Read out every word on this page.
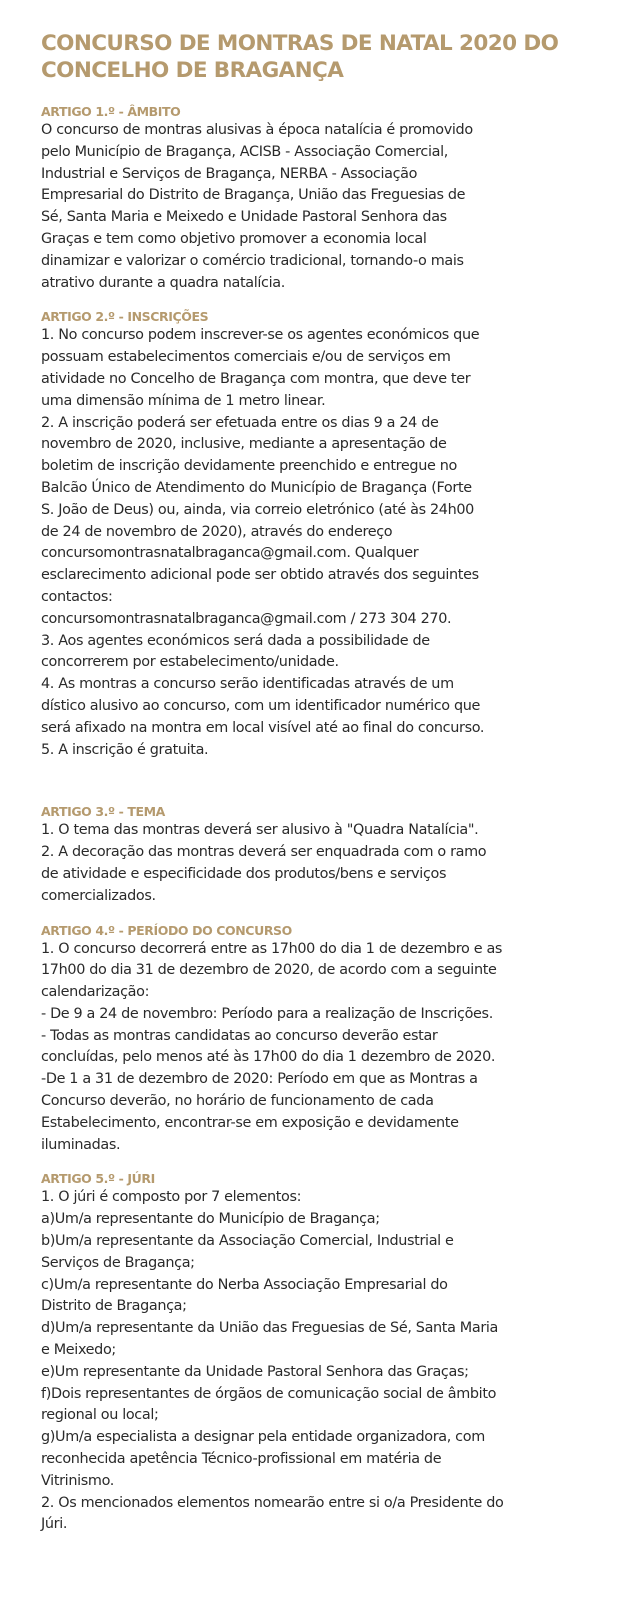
CONCURSO DE MONTRAS DE NATAL 2020 DO
CONCELHO DE BRAGANÇA
ARTIGO 1.º - ÂMBITO

O concurso de montras alusivas à época natalícia é promovido

pelo Município de Bragança, ACISB - Associação Comercial,

Industrial e Serviços de Bragança, NERBA - Associação

Empresarial do Distrito de Bragança, União das Freguesias de

Sé, Santa Maria e Meixedo e Unidade Pastoral Senhora das

Graças e tem como objetivo promover a economia local

dinamizar e valorizar o comércio tradicional, tornando-o mais

atrativo durante a quadra natalícia.

ARTIGO 2.º - INSCRIÇÕES

1. No concurso podem inscrever-se os agentes económicos que

possuam estabelecimentos comerciais e/ou de serviços em

atividade no Concelho de Bragança com montra, que deve ter

uma dimensão mínima de 1 metro linear.

2. A inscrição poderá ser efetuada entre os dias 9 a 24 de

novembro de 2020, inclusive, mediante a apresentação de

boletim de inscrição devidamente preenchido e entregue no

Balcão Único de Atendimento do Município de Bragança (Forte

S. João de Deus) ou, ainda, via correio eletrónico (até às 24h00

de 24 de novembro de 2020), através do endereço

concursomontrasnatalbraganca@gmail.com. Qualquer

esclarecimento adicional pode ser obtido através dos seguintes

contactos:

concursomontrasnatalbraganca@gmail.com / 273 304 270.

3. Aos agentes económicos será dada a possibilidade de

concorrerem por estabelecimento/unidade.

4. As montras a concurso serão identificadas através de um

dístico alusivo ao concurso, com um identificador numérico que

será afixado na montra em local visível até ao final do concurso.

5. A inscrição é gratuita.

ARTIGO 3.º - TEMA

1. O tema das montras deverá ser alusivo à "Quadra Natalícia".

2. A decoração das montras deverá ser enquadrada com o ramo

de atividade e especificidade dos produtos/bens e serviços

comercializados.

ARTIGO 4.º - PERÍODO DO CONCURSO

1. O concurso decorrerá entre as 17h00 do dia 1 de dezembro e as

17h00 do dia 31 de dezembro de 2020, de acordo com a seguinte

calendarização:

- De 9 a 24 de novembro: Período para a realização de Inscrições.

- Todas as montras candidatas ao concurso deverão estar

concluídas, pelo menos até às 17h00 do dia 1 dezembro de 2020.

-De 1 a 31 de dezembro de 2020: Período em que as Montras a

Concurso deverão, no horário de funcionamento de cada

Estabelecimento, encontrar-se em exposição e devidamente

iluminadas.

ARTIGO 5.º - JÚRI

1. O júri é composto por 7 elementos:

a)Um/a representante do Município de Bragança;

b)Um/a representante da Associação Comercial, Industrial e

Serviços de Bragança;

c)Um/a representante do Nerba Associação Empresarial do

Distrito de Bragança;

d)Um/a representante da União das Freguesias de Sé, Santa Maria

e Meixedo;

e)Um representante da Unidade Pastoral Senhora das Graças;

f)Dois representantes de órgãos de comunicação social de âmbito

regional ou local;

g)Um/a especialista a designar pela entidade organizadora, com

reconhecida apetência Técnico-profissional em matéria de

Vitrinismo.

2. Os mencionados elementos nomearão entre si o/a Presidente do

Júri.
